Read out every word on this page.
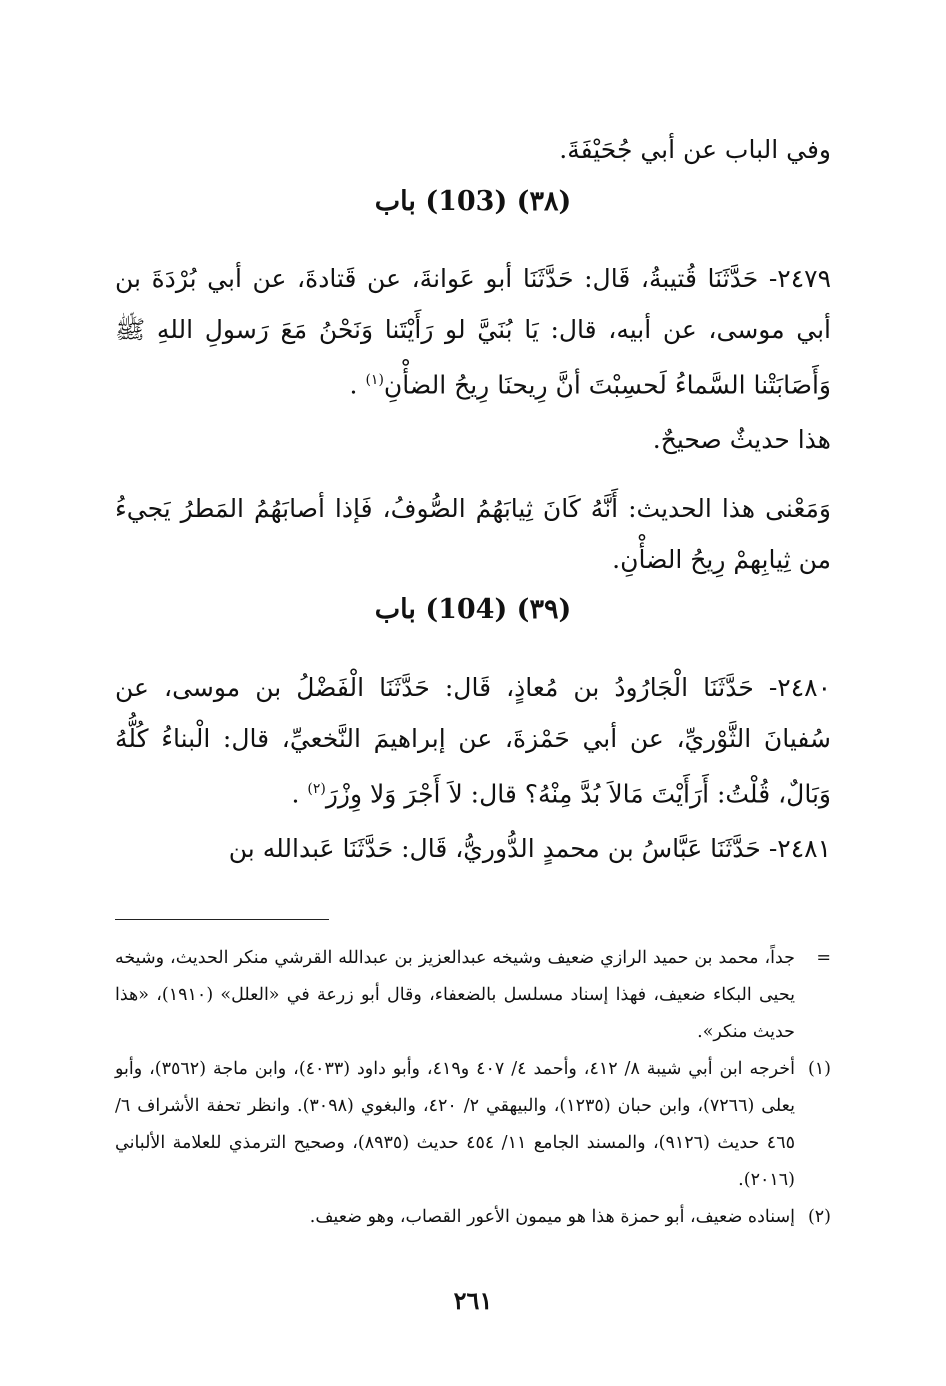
وفي الباب عن أبي جُحَيْفَةَ.
(٣٨) (103) باب
٢٤٧٩- حَدَّثَنَا قُتيبةُ، قَال: حَدَّثَنَا أبو عَوانةَ، عن قَتادةَ، عن أبي بُرْدَةَ بن أبي موسى، عن أبيه، قال: يَا بُنَيَّ لو رَأَيْتَنا وَنَحْنُ مَعَ رَسولِ اللهِ ﷺ وَأَصَابَتْنا السَّماءُ لَحسِبْتَ أنَّ رِيحنَا رِيحُ الضأْنِ$^{(١)}$ .
هذا حديثٌ صحيحٌ.
وَمَعْنى هذا الحديث: أَنَّهُ كَانَ ثِيابَهُمُ الصُّوفُ، فَإذا أصابَهُمُ المَطرُ يَجيءُ من ثِيابِهمْ رِيحُ الضأْنِ.
(٣٩) (104) باب
٢٤٨٠- حَدَّثَنَا الْجَارُودُ بن مُعاذٍ، قَال: حَدَّثَنَا الْفَضْلُ بن موسى، عن سُفيانَ الثَّوْريِّ، عن أبي حَمْزةَ، عن إبراهيمَ النَّخعيِّ، قال: الْبناءُ كُلُّهُ وَبَالٌ، قُلْتُ: أَرَأَيْتَ مَالاَ بُدَّ مِنْهُ؟ قال: لاَ أَجْرَ وَلا وِزْرَ$^{(٢)}$ .
٢٤٨١- حَدَّثَنَا عَبَّاسُ بن محمدٍ الدُّوريُّ، قَال: حَدَّثَنَا عَبدالله بن
=
جداً، محمد بن حميد الرازي ضعيف وشيخه عبدالعزيز بن عبدالله القرشي منكر الحديث، وشيخه يحيى البكاء ضعيف، فهذا إسناد مسلسل بالضعفاء، وقال أبو زرعة في «العلل» (١٩١٠)، «هذا حديث منكر».
(١)
أخرجه ابن أبي شيبة ٨/ ٤١٢، وأحمد ٤/ ٤٠٧ و٤١٩، وأبو داود (٤٠٣٣)، وابن ماجة (٣٥٦٢)، وأبو يعلى (٧٢٦٦)، وابن حبان (١٢٣٥)، والبيهقي ٢/ ٤٢٠، والبغوي (٣٠٩٨). وانظر تحفة الأشراف ٦/ ٤٦٥ حديث (٩١٢٦)، والمسند الجامع ١١/ ٤٥٤ حديث (٨٩٣٥)، وصحيح الترمذي للعلامة الألباني (٢٠١٦).
(٢)
إسناده ضعيف، أبو حمزة هذا هو ميمون الأعور القصاب، وهو ضعيف.
٢٦١
